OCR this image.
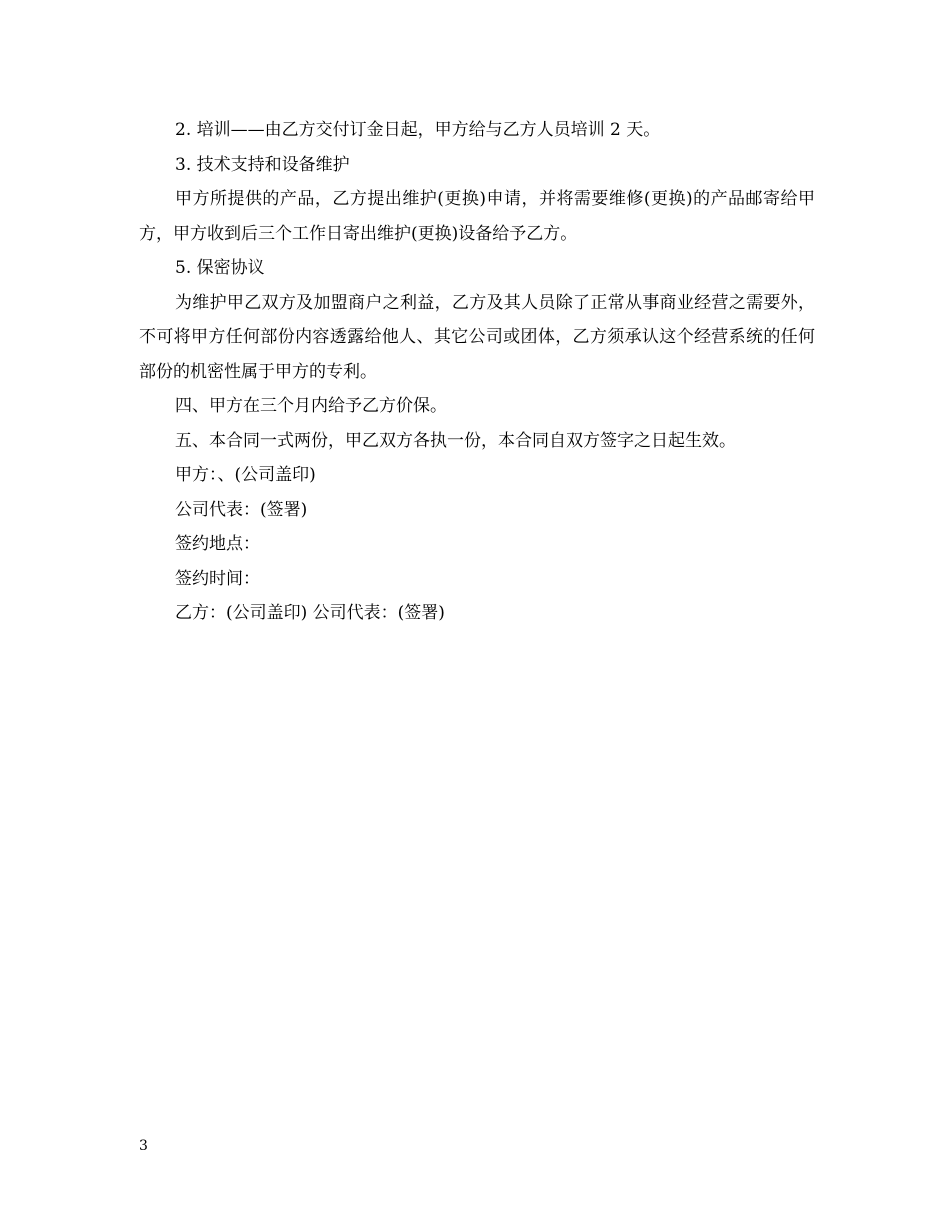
2. 培训——由乙方交付订金日起，甲方给与乙方人员培训 2 天。

3. 技术支持和设备维护

甲方所提供的产品，乙方提出维护(更换)申请，并将需要维修(更换)的产品邮寄给甲方，甲方收到后三个工作日寄出维护(更换)设备给予乙方。

5. 保密协议

为维护甲乙双方及加盟商户之利益，乙方及其人员除了正常从事商业经营之需要外，不可将甲方任何部份内容透露给他人、其它公司或团体，乙方须承认这个经营系统的任何部份的机密性属于甲方的专利。

四、甲方在三个月内给予乙方价保。

五、本合同一式两份，甲乙双方各执一份，本合同自双方签字之日起生效。

甲方：、(公司盖印)

公司代表：(签署)

签约地点：

签约时间：

乙方：(公司盖印) 公司代表：(签署)

3
